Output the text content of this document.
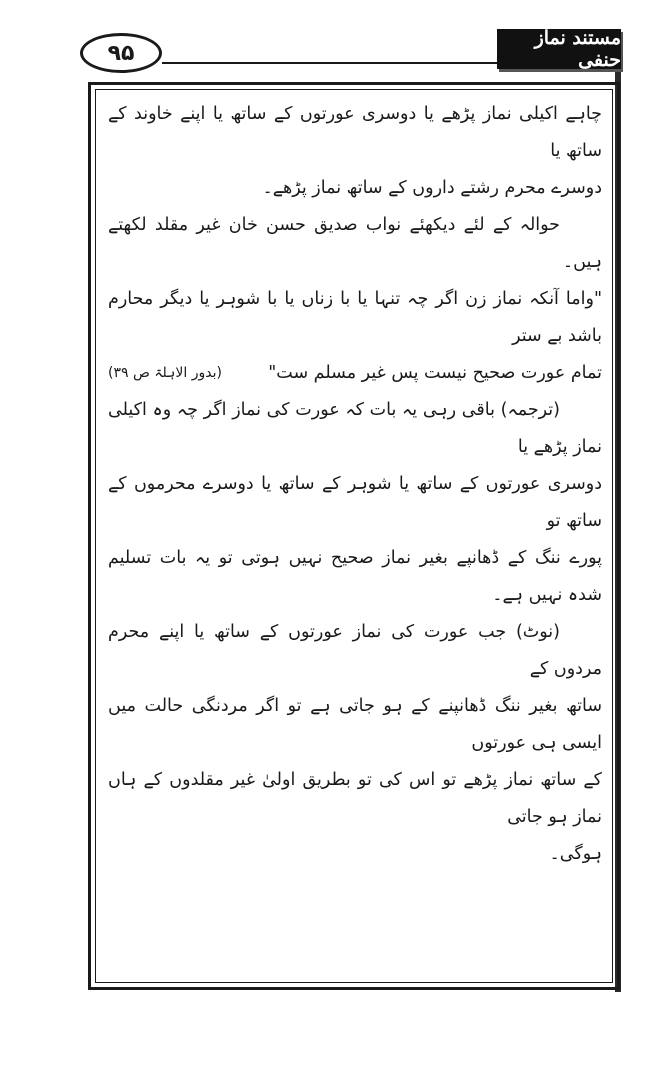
۹۵
مستند نماز حنفی

چاہے اکیلی نماز پڑھے یا دوسری عورتوں کے ساتھ یا اپنے خاوند کے ساتھ یا

دوسرے محرم رشتے داروں کے ساتھ نماز پڑھے۔

حوالہ کے لئے دیکھئے نواب صدیق حسن خان غیر مقلد لکھتے ہیں۔

"واما آنکہ نماز زن اگر چہ تنہا یا با زناں یا با شوہر یا دیگر محارم باشد بے ستر

تمام عورت صحیح نیست پس غیر مسلم ست"
(بدور الاہلۃ ص ۳۹)

(ترجمہ) باقی رہی یہ بات کہ عورت کی نماز اگر چہ وہ اکیلی نماز پڑھے یا

دوسری عورتوں کے ساتھ یا شوہر کے ساتھ یا دوسرے محرموں کے ساتھ تو

پورے ننگ کے ڈھانپے بغیر نماز صحیح نہیں ہوتی تو یہ بات تسلیم شدہ نہیں ہے۔

(نوٹ) جب عورت کی نماز عورتوں کے ساتھ یا اپنے محرم مردوں کے

ساتھ بغیر ننگ ڈھانپنے کے ہو جاتی ہے تو اگر مردنگی حالت میں ایسی ہی عورتوں

کے ساتھ نماز پڑھے تو اس کی تو بطریق اولیٰ غیر مقلدوں کے ہاں نماز ہو جاتی

ہوگی۔
